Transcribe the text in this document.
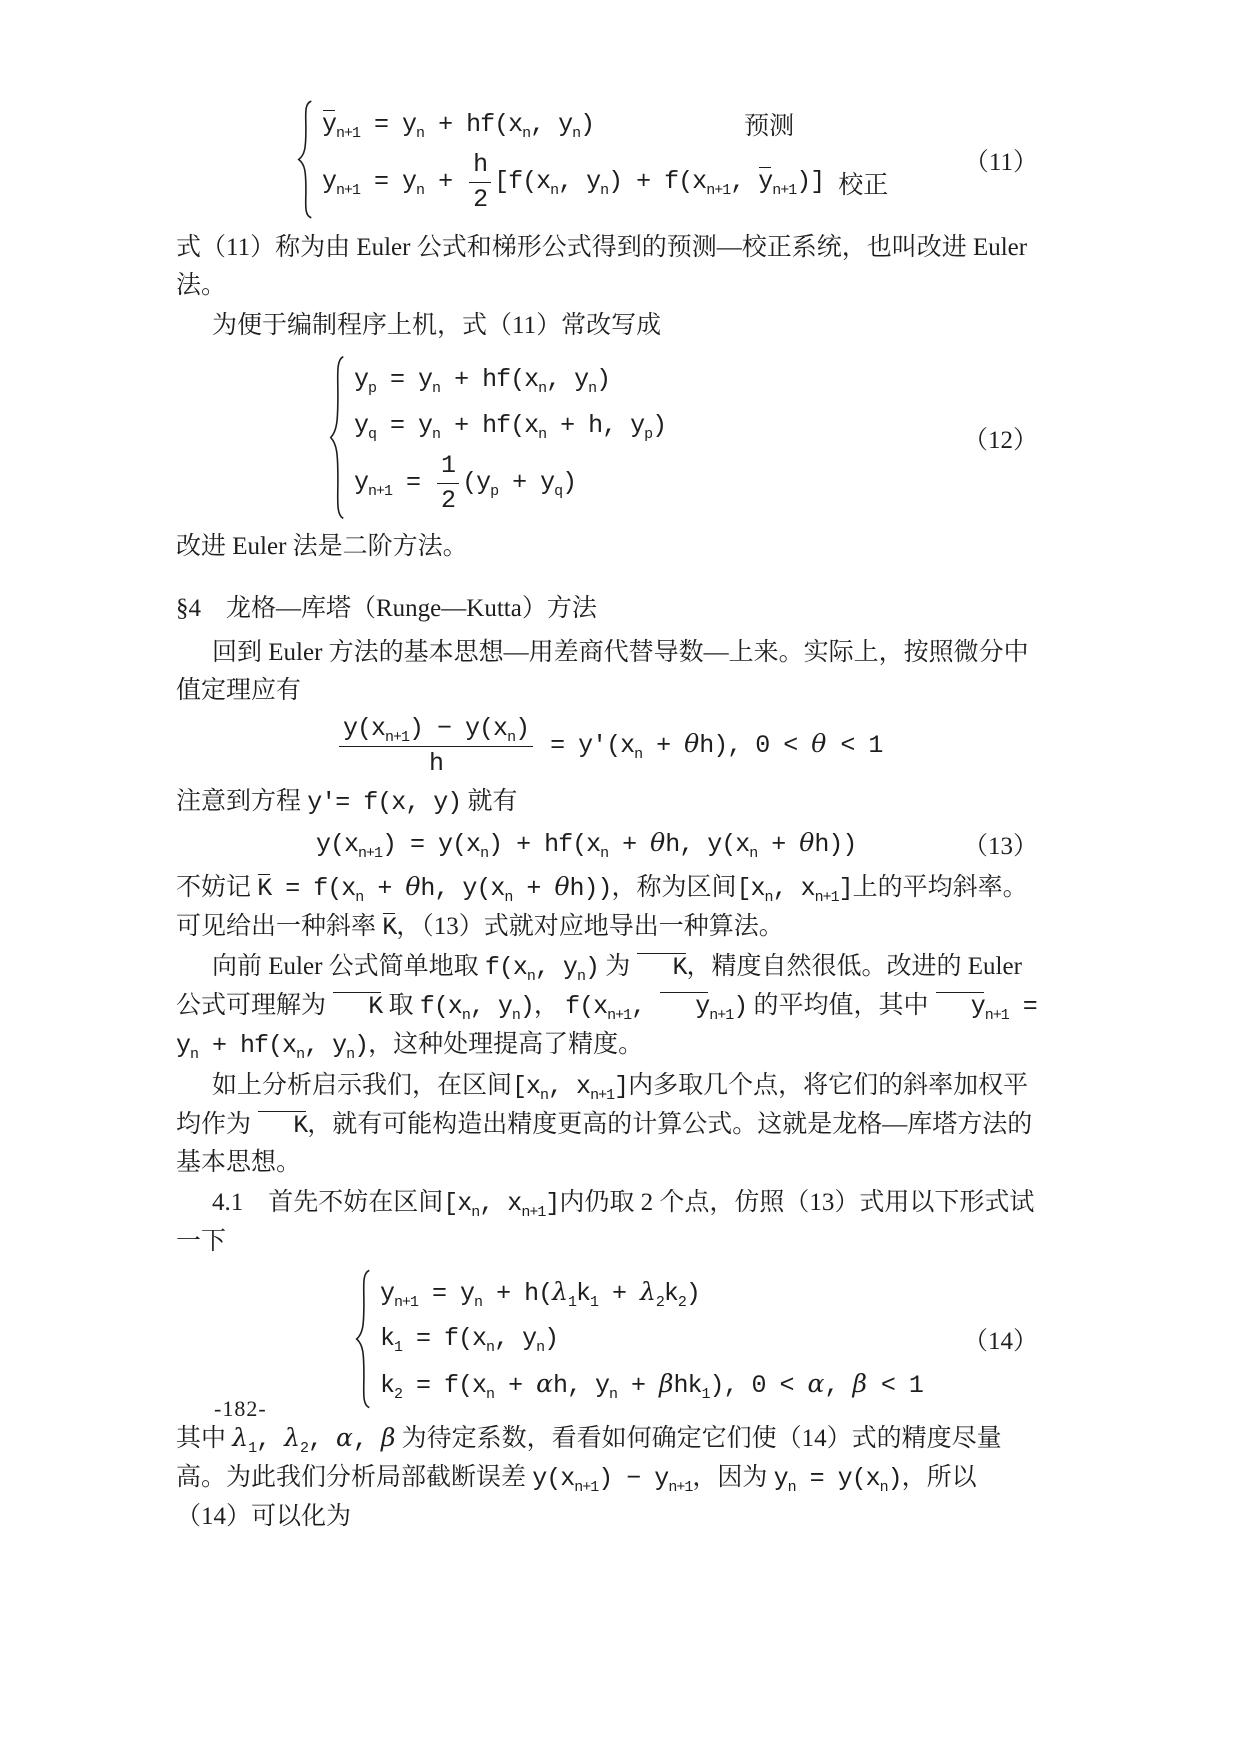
$y_{n+1} = y_n + hf(x_n$, $y_n$)	预测
$y_{n+1} = y_n + \frac{h}{2} [f(x_n$, $y_n) + f(x_{n+1}$, $y_{n+1}$)] 校正
（11）
式（11）称为由 Euler 公式和梯形公式得到的预测—校正系统，也叫改进 Euler 法。
为便于编制程序上机，式（11）常改写成
$y_p = y_n + hf(x_n$, $y_n$)
$y_q = y_n + hf(x_n + h$, $y_p$)
$y_{n+1} = \frac{1}{2} (y_p + y_q)$
（12）
改进 Euler 法是二阶方法。
§4　龙格—库塔（Runge—Kutta）方法
回到 Euler 方法的基本思想—用差商代替导数—上来。实际上，按照微分中值定理应有
$\frac{y(x_{n+1}) - y(x_n)}{h} = y'(x_n + \theta h)$, 0 < θ < 1
注意到方程 y'= f(x, y) 就有
$y(x_{n+1}) = y(x_n) + hf(x_n + \theta h$, $y(x_n + \theta h)$)	（13）
不妨记 $K = f(x_n + \theta h$, $y(x_n + \theta h)$)，称为区间[$x_n$, $x_{n+1}$]上的平均斜率。可见给出一种斜率 K，（13）式就对应地导出一种算法。
向前 Euler 公式简单地取 $f(x_n$, $y_n$) 为 K，精度自然很低。改进的 Euler 公式可理解为 K 取 $f(x_n$, $y_n$)， $f(x_{n+1}$, $y_{n+1}$) 的平均值，其中 $y_{n+1} = y_n + hf(x_n$, $y_n$)，这种处理提高了精度。
如上分析启示我们，在区间[$x_n$, $x_{n+1}$]内多取几个点，将它们的斜率加权平均作为 K，就有可能构造出精度更高的计算公式。这就是龙格—库塔方法的基本思想。
4.1　首先不妨在区间[$x_n$, $x_{n+1}$]内仍取 2 个点，仿照（13）式用以下形式试一下
$y_{n+1} = y_n + h(\lambda_1k_1 + \lambda_2k_2)$
$k_1 = f(x_n$, $y_n$)
$k_2 = f(x_n + \alpha h$, $y_n + \beta hk_1$), 0 < α, β < 1
（14）
其中 $\lambda_1$, $\lambda_2$, α, β 为待定系数，看看如何确定它们使（14）式的精度尽量高。为此我们分析局部截断误差 $y(x_{n+1}) - y_{n+1}$，因为 $y_n = y(x_n)$，所以（14）可以化为
-182-
